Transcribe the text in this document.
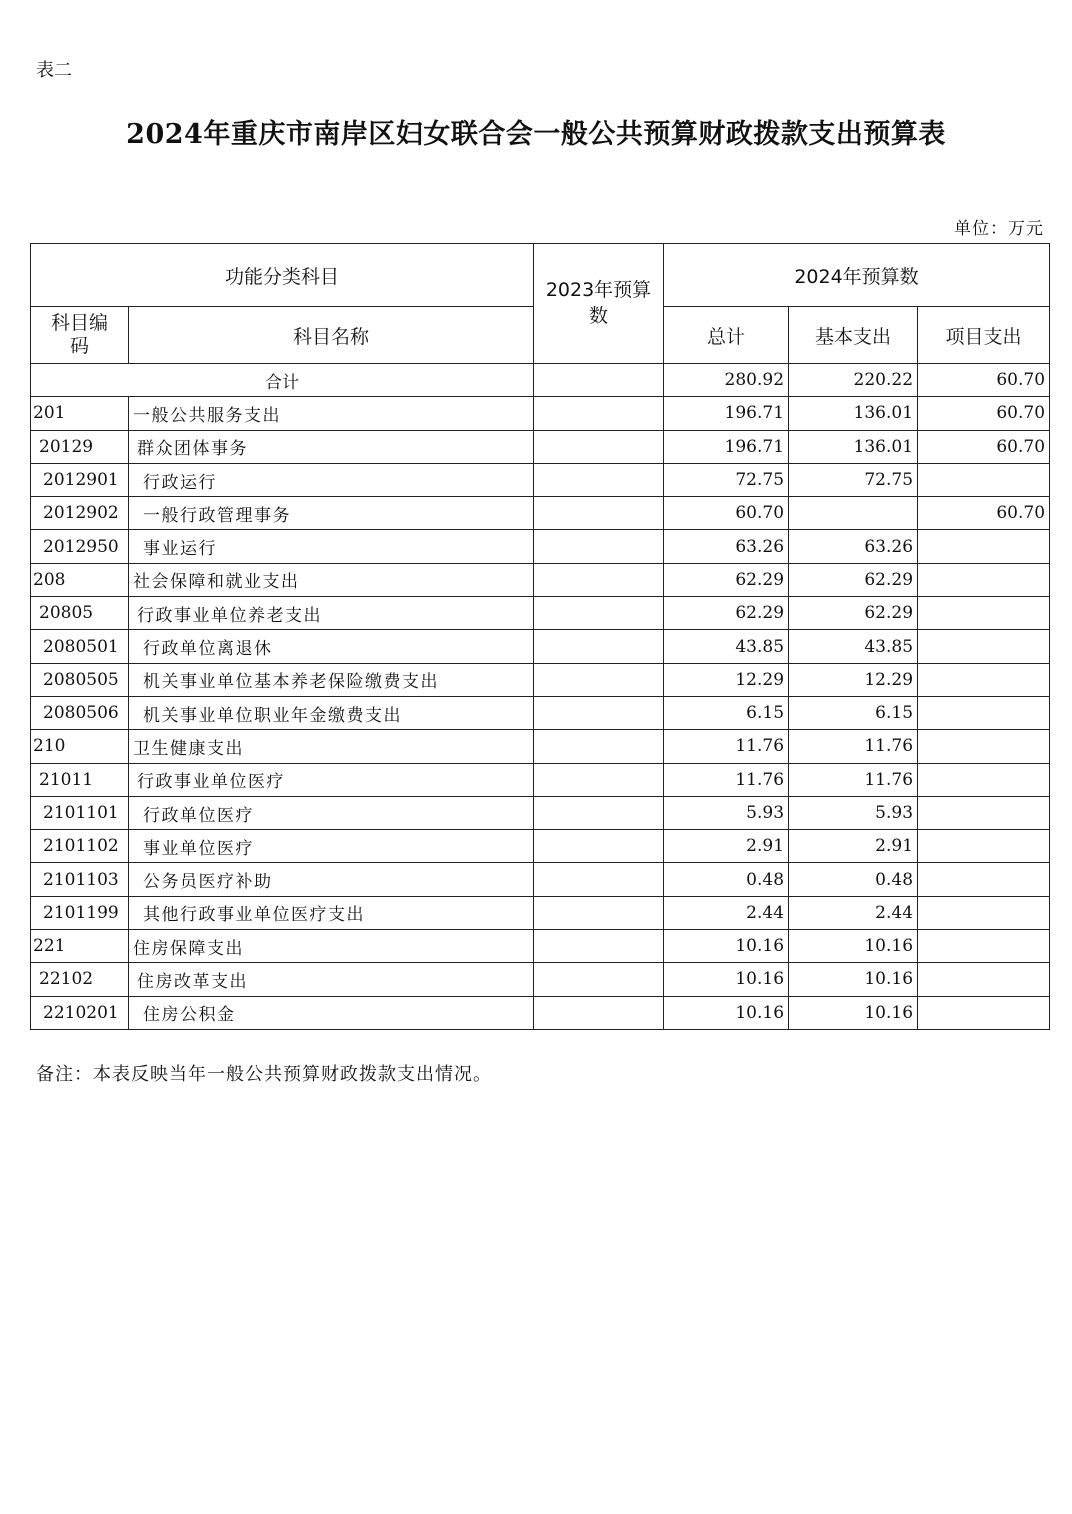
表二
2024年重庆市南岸区妇女联合会一般公共预算财政拨款支出预算表
单位：万元
功能分类科目		2023年预算数	2024年预算数		
科目编码	科目名称		总计	基本支出	项目支出
合计			280.92	220.22	60.70
201	一般公共服务支出		196.71	136.01	60.70
20129	群众团体事务		196.71	136.01	60.70
2012901	行政运行		72.75	72.75	
2012902	一般行政管理事务		60.70		60.70
2012950	事业运行		63.26	63.26	
208	社会保障和就业支出		62.29	62.29	
20805	行政事业单位养老支出		62.29	62.29	
2080501	行政单位离退休		43.85	43.85	
2080505	机关事业单位基本养老保险缴费支出		12.29	12.29	
2080506	机关事业单位职业年金缴费支出		6.15	6.15	
210	卫生健康支出		11.76	11.76	
21011	行政事业单位医疗		11.76	11.76	
2101101	行政单位医疗		5.93	5.93	
2101102	事业单位医疗		2.91	2.91	
2101103	公务员医疗补助		0.48	0.48	
2101199	其他行政事业单位医疗支出		2.44	2.44	
221	住房保障支出		10.16	10.16	
22102	住房改革支出		10.16	10.16	
2210201	住房公积金		10.16	10.16	
备注：本表反映当年一般公共预算财政拨款支出情况。
